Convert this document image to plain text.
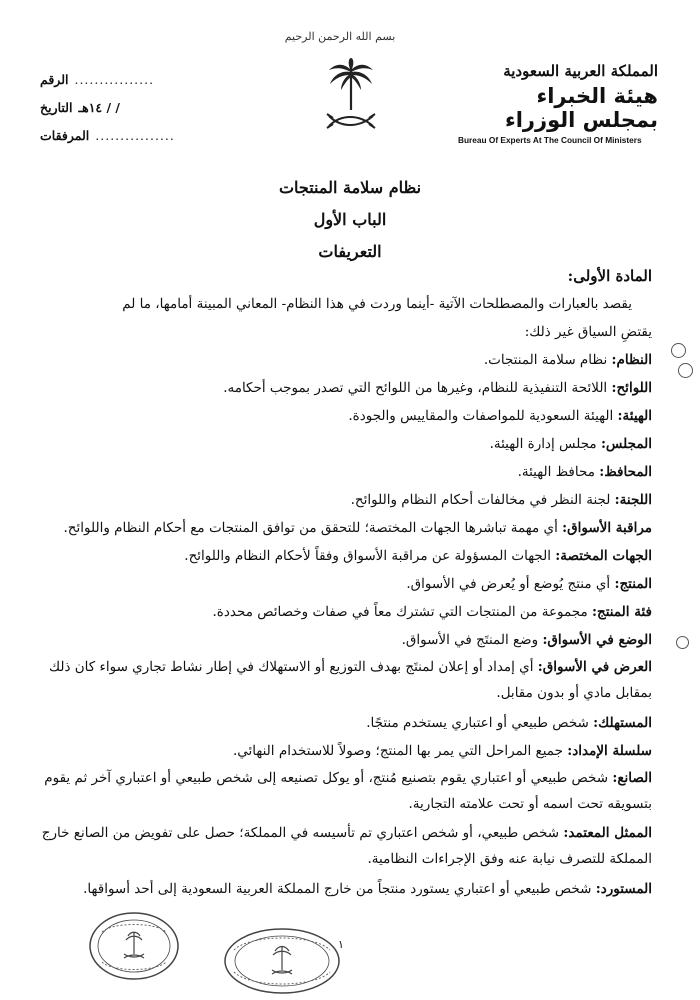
بسم الله الرحمن الرحيم
الرقم ................
التاريخ / / ١٤هـ
المرفقات ................
المملكة العربية السعودية
هيئة الخبراء بمجلس الوزراء
Bureau Of Experts At The Council Of Ministers
نظام سلامة المنتجات
الباب الأول
التعريفات
المادة الأولى:

يقصد بالعبارات والمصطلحات الآتية -أينما وردت في هذا النظام- المعاني المبينة أمامها، ما لم

يقتضِ السياق غير ذلك:

النظام: نظام سلامة المنتجات.

اللوائح: اللائحة التنفيذية للنظام، وغيرها من اللوائح التي تصدر بموجب أحكامه.

الهيئة: الهيئة السعودية للمواصفات والمقاييس والجودة.

المجلس: مجلس إدارة الهيئة.

المحافظ: محافظ الهيئة.

اللجنة: لجنة النظر في مخالفات أحكام النظام واللوائح.

مراقبة الأسواق: أي مهمة تباشرها الجهات المختصة؛ للتحقق من توافق المنتجات مع أحكام النظام واللوائح.

الجهات المختصة: الجهات المسؤولة عن مراقبة الأسواق وفقاً لأحكام النظام واللوائح.

المنتج: أي منتج يُوضع أو يُعرض في الأسواق.

فئة المنتج: مجموعة من المنتجات التي تشترك معاً في صفات وخصائص محددة.

الوضع في الأسواق: وضع المنتَج في الأسواق.

العرض في الأسواق: أي إمداد أو إعلان لمنتَج بهدف التوزيع أو الاستهلاك في إطار نشاط تجاري سواء كان ذلك بمقابل مادي أو بدون مقابل.

المستهلك: شخص طبيعي أو اعتباري يستخدم منتجًا.

سلسلة الإمداد: جميع المراحل التي يمر بها المنتج؛ وصولاً للاستخدام النهائي.

الصانع: شخص طبيعي أو اعتباري يقوم بتصنيع مُنتج، أو يوكل تصنيعه إلى شخص طبيعي أو اعتباري آخر ثم يقوم بتسويقه تحت اسمه أو تحت علامته التجارية.

الممثل المعتمد: شخص طبيعي، أو شخص اعتباري تم تأسيسه في المملكة؛ حصل على تفويض من الصانع خارج المملكة للتصرف نيابة عنه وفق الإجراءات النظامية.

المستورد: شخص طبيعي أو اعتباري يستورد منتجاً من خارج المملكة العربية السعودية إلى أحد أسواقها.

١
